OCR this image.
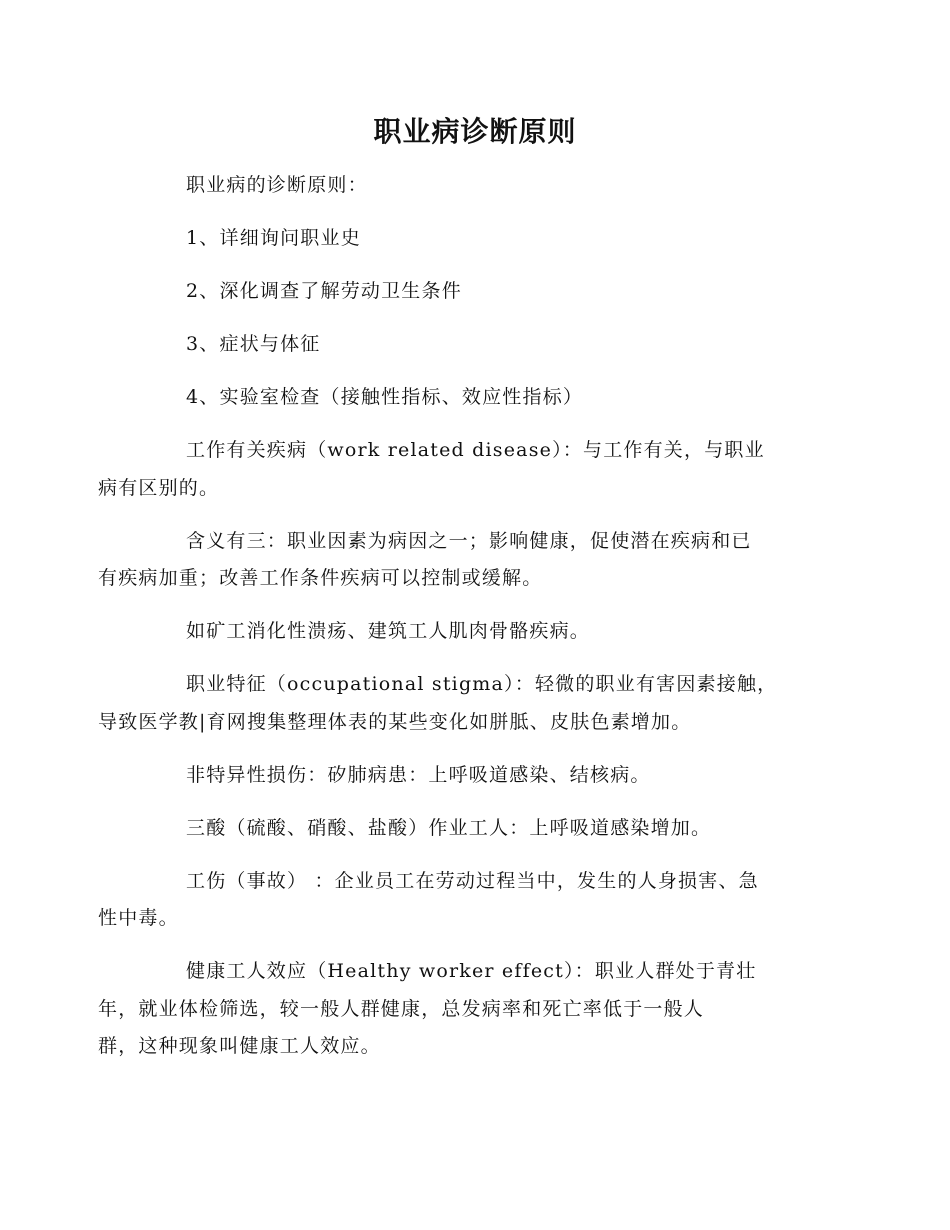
职业病诊断原则

职业病的诊断原则：

1、详细询问职业史

2、深化调查了解劳动卫生条件

3、症状与体征

4、实验室检查（接触性指标、效应性指标）

工作有关疾病（work related disease）：与工作有关，与职业
病有区别的。

含义有三：职业因素为病因之一；影响健康，促使潜在疾病和已
有疾病加重；改善工作条件疾病可以控制或缓解。

如矿工消化性溃疡、建筑工人肌肉骨骼疾病。

职业特征（occupational stigma）：轻微的职业有害因素接触，
导致医学教|育网搜集整理体表的某些变化如胼胝、皮肤色素增加。

非特异性损伤：矽肺病患：上呼吸道感染、结核病。

三酸（硫酸、硝酸、盐酸）作业工人：上呼吸道感染增加。

工伤（事故） ：企业员工在劳动过程当中，发生的人身损害、急
性中毒。

健康工人效应（Healthy worker effect）：职业人群处于青壮
年，就业体检筛选，较一般人群健康，总发病率和死亡率低于一般人
群，这种现象叫健康工人效应。
